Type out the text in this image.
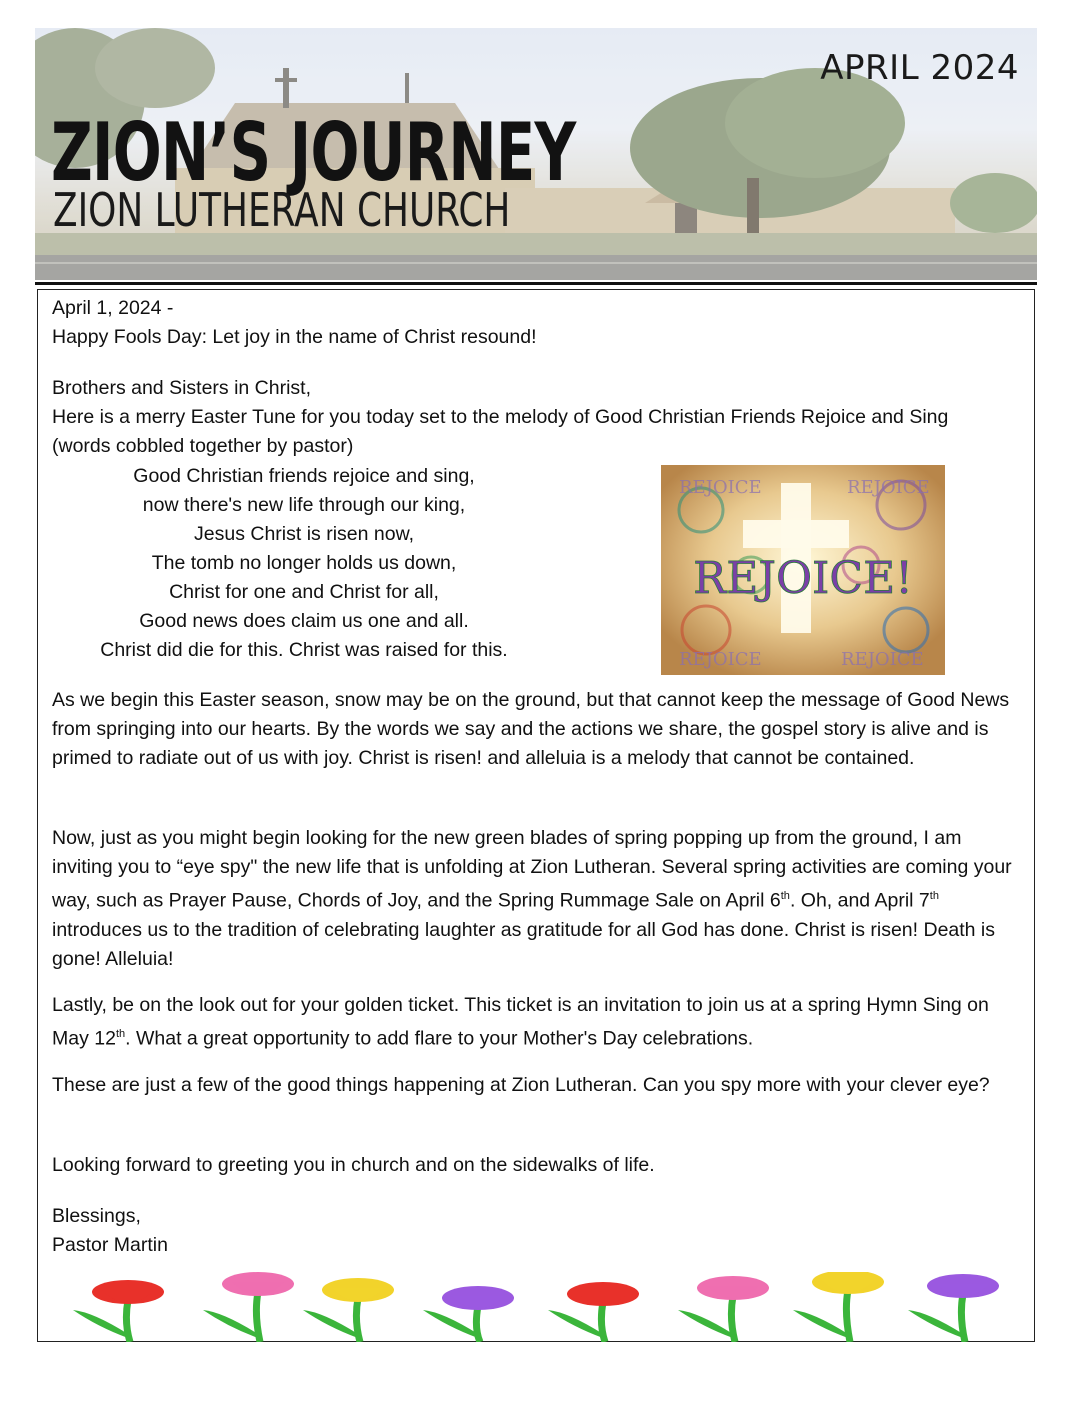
APRIL 2024
ZION’S JOURNEY
ZION LUTHERAN CHURCH
April 1, 2024 -
Happy Fools Day: Let joy in the name of Christ resound!
Brothers and Sisters in Christ,
Here is a merry Easter Tune for you today set to the melody of Good Christian Friends Rejoice and Sing (words cobbled together by pastor)
Good Christian friends rejoice and sing,
now there's new life through our king,
Jesus Christ is risen now,
The tomb no longer holds us down,
Christ for one and Christ for all,
Good news does claim us one and all.
Christ did die for this. Christ was raised for this.
REJOICE	REJOICE
REJOICE	REJOICE
REJOICE!
As we begin this Easter season, snow may be on the ground, but that cannot keep the message of Good News from springing into our hearts. By the words we say and the actions we share, the gospel story is alive and is primed to radiate out of us with joy. Christ is risen! and alleluia is a melody that cannot be contained.
Now, just as you might begin looking for the new green blades of spring popping up from the ground, I am inviting you to “eye spy" the new life that is unfolding at Zion Lutheran. Several spring activities are coming your way, such as Prayer Pause, Chords of Joy, and the Spring Rummage Sale on April 6th. Oh, and April 7th introduces us to the tradition of celebrating laughter as gratitude for all God has done. Christ is risen! Death is gone! Alleluia!
Lastly, be on the look out for your golden ticket. This ticket is an invitation to join us at a spring Hymn Sing on May 12th. What a great opportunity to add flare to your Mother's Day celebrations.
These are just a few of the good things happening at Zion Lutheran. Can you spy more with your clever eye?
Looking forward to greeting you in church and on the sidewalks of life.
Blessings,
Pastor Martin
